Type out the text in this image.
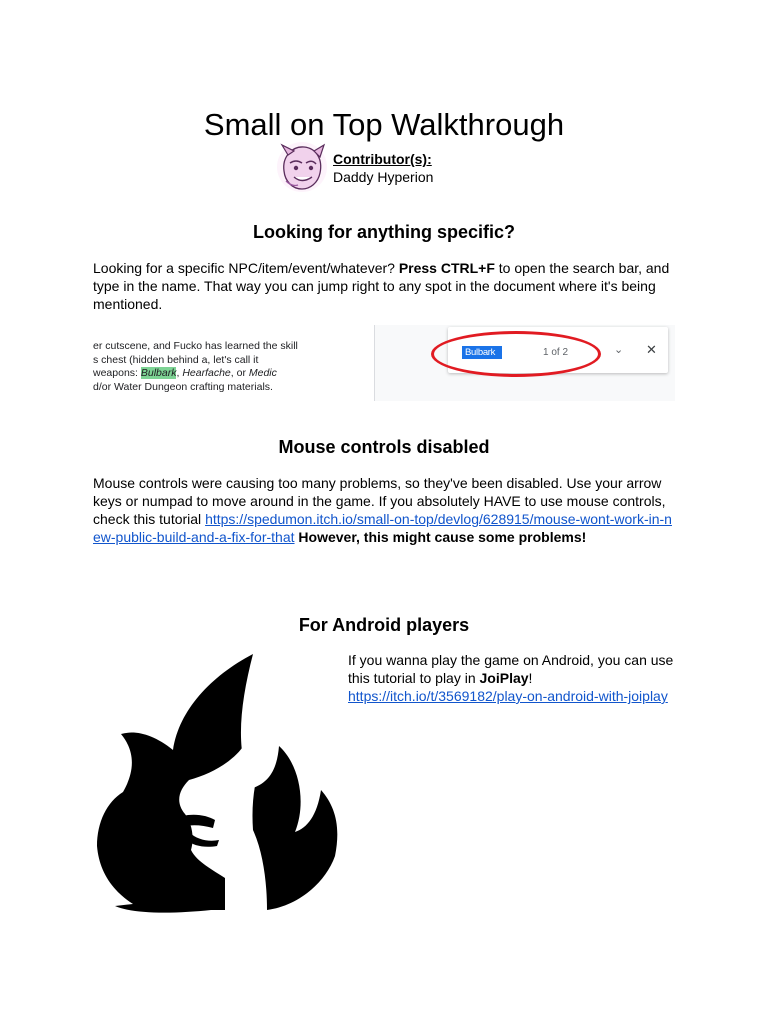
Small on Top Walkthrough
Contributor(s):
Daddy Hyperion
Looking for anything specific?

Looking for a specific NPC/item/event/whatever? Press CTRL+F to open the search bar, and type in the name. That way you can jump right to any spot in the document where it's being mentioned.

er cutscene, and Fucko has learned the skill
s chest (hidden behind a, let's call it
weapons: Bulbark, Hearfache, or Medic
d/or Water Dungeon crafting materials.
Bulbark	1 of 2	⌄ ✕
Mouse controls disabled

Mouse controls were causing too many problems, so they've been disabled. Use your arrow keys or numpad to move around in the game. If you absolutely HAVE to use mouse controls, check this tutorial https://spedumon.itch.io/small-on-top/devlog/628915/mouse-wont-work-in-new-public-build-and-a-fix-for-that However, this might cause some problems!

For Android players

If you wanna play the game on Android, you can use this tutorial to play in JoiPlay!
https://itch.io/t/3569182/play-on-android-with-joiplay
